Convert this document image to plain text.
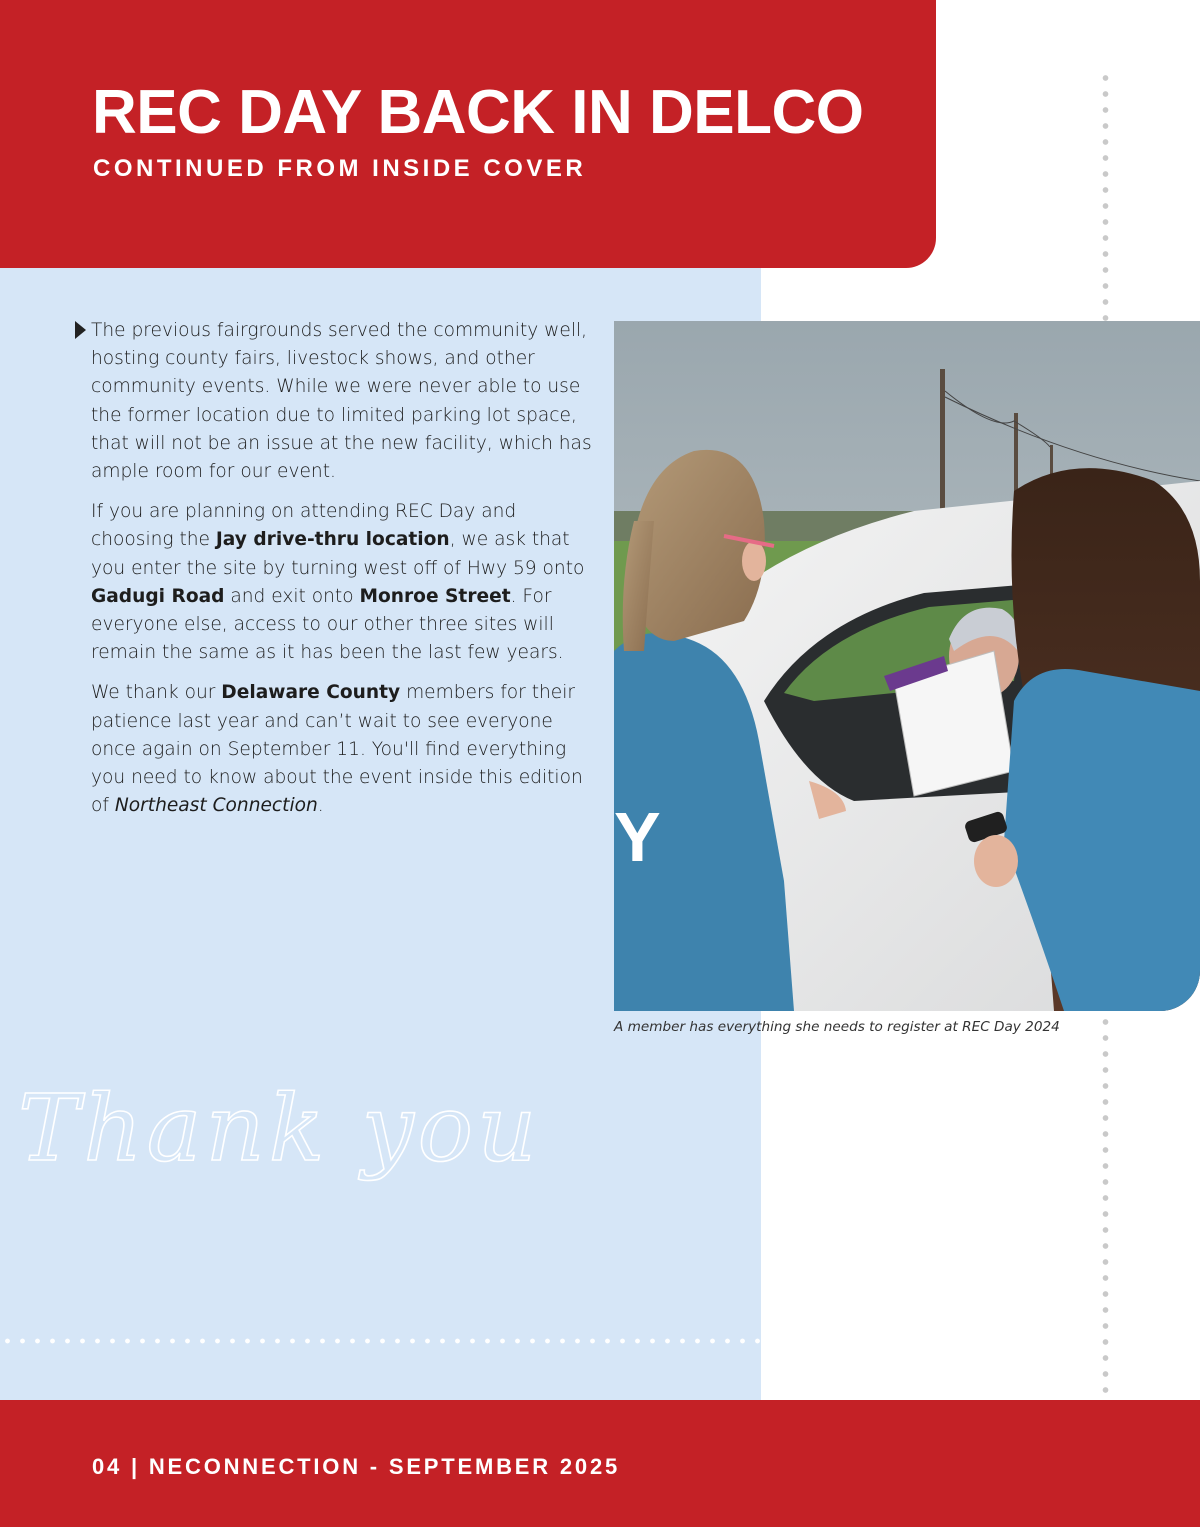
REC DAY BACK IN DELCO
CONTINUED FROM INSIDE COVER

The previous fairgrounds served the community well, hosting county fairs, livestock shows, and other community events. While we were never able to use the former location due to limited parking lot space, that will not be an issue at the new facility, which has ample room for our event.

If you are planning on attending REC Day and choosing the Jay drive-thru location, we ask that you enter the site by turning west off of Hwy 59 onto Gadugi Road and exit onto Monroe Street. For everyone else, access to our other three sites will remain the same as it has been the last few years.

We thank our Delaware County members for their patience last year and can’t wait to see everyone once again on September 11. You'll find everything you need to know about the event inside this edition of Northeast Connection.	Y

A member has everything she needs to register at REC Day 2024

Thank you

04 | NECONNECTION - SEPTEMBER 2025
